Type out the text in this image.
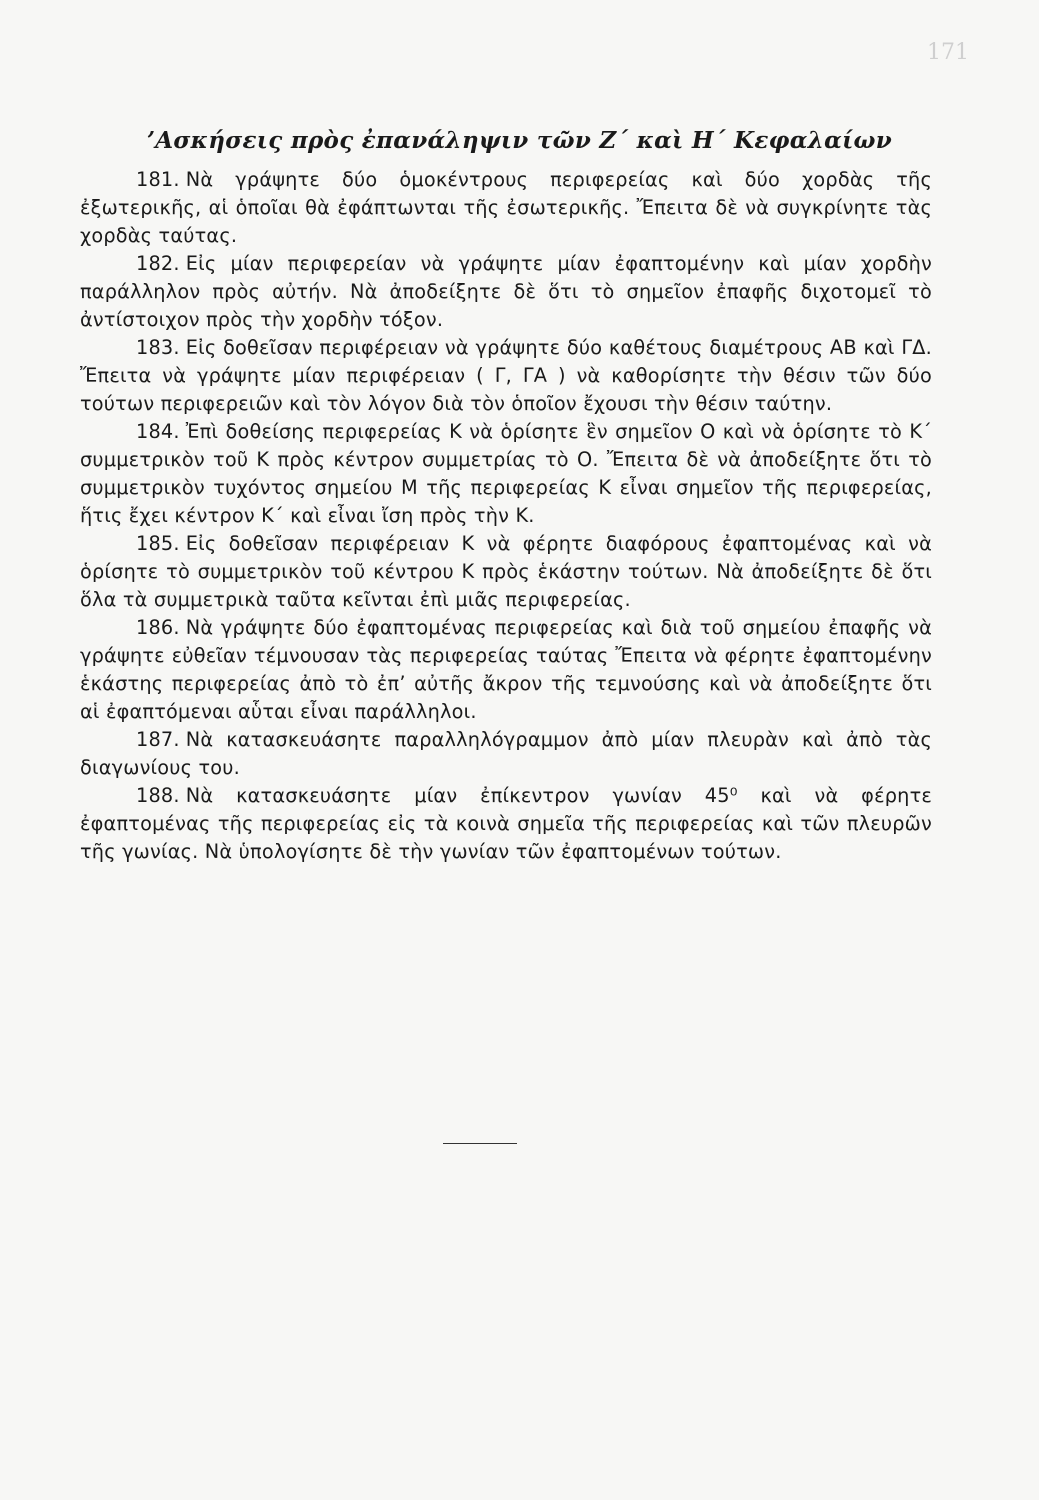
171
’Ασκήσεις πρὸς ἐπανάληψιν τῶν Ζ΄ καὶ Η΄ Κεφαλαίων

181. Νὰ γράψητε δύο ὁμοκέντρους περιφερείας καὶ δύο χορδὰς τῆς ἐξωτερικῆς, αἱ ὁποῖαι θὰ ἐφάπτωνται τῆς ἐσωτερικῆς. Ἔπειτα δὲ νὰ συγκρίνητε τὰς χορδὰς ταύτας.

182. Εἰς μίαν περιφερείαν νὰ γράψητε μίαν ἐφαπτομένην καὶ μίαν χορδὴν παράλληλον πρὸς αὐτήν. Νὰ ἀποδείξητε δὲ ὅτι τὸ σημεῖον ἐπαφῆς διχοτομεῖ τὸ ἀντίστοιχον πρὸς τὴν χορδὴν τόξον.

183. Εἰς δοθεῖσαν περιφέρειαν νὰ γράψητε δύο καθέτους διαμέτρους ΑΒ καὶ ΓΔ. Ἔπειτα νὰ γράψητε μίαν περιφέρειαν ( Γ, ΓΑ ) νὰ καθορίσητε τὴν θέσιν τῶν δύο τούτων περιφερειῶν καὶ τὸν λόγον διὰ τὸν ὁποῖον ἔχουσι τὴν θέσιν ταύτην.

184. Ἐπὶ δοθείσης περιφερείας Κ νὰ ὁρίσητε ἓν σημεῖον Ο καὶ νὰ ὁρίσητε τὸ Κ΄ συμμετρικὸν τοῦ Κ πρὸς κέντρον συμμετρίας τὸ Ο. Ἔπειτα δὲ νὰ ἀποδείξητε ὅτι τὸ συμμετρικὸν τυχόντος σημείου Μ τῆς περιφερείας Κ εἶναι σημεῖον τῆς περιφερείας, ἥτις ἔχει κέντρον Κ΄ καὶ εἶναι ἴση πρὸς τὴν Κ.

185. Εἰς δοθεῖσαν περιφέρειαν Κ νὰ φέρητε διαφόρους ἐφαπτομένας καὶ νὰ ὁρίσητε τὸ συμμετρικὸν τοῦ κέντρου Κ πρὸς ἑκάστην τούτων. Νὰ ἀποδείξητε δὲ ὅτι ὅλα τὰ συμμετρικὰ ταῦτα κεῖνται ἐπὶ μιᾶς περιφερείας.

186. Νὰ γράψητε δύο ἐφαπτομένας περιφερείας καὶ διὰ τοῦ σημείου ἐπαφῆς νὰ γράψητε εὐθεῖαν τέμνουσαν τὰς περιφερείας ταύτας Ἔπειτα νὰ φέρητε ἐφαπτομένην ἑκάστης περιφερείας ἀπὸ τὸ ἐπ’ αὐτῆς ἄκρον τῆς τεμνούσης καὶ νὰ ἀποδείξητε ὅτι αἱ ἐφαπτόμεναι αὗται εἶναι παράλληλοι.

187. Νὰ κατασκευάσητε παραλληλόγραμμον ἀπὸ μίαν πλευρὰν καὶ ἀπὸ τὰς διαγωνίους του.

188. Νὰ κατασκευάσητε μίαν ἐπίκεντρον γωνίαν 45⁰ καὶ νὰ φέρητε ἐφαπτομένας τῆς περιφερείας εἰς τὰ κοινὰ σημεῖα τῆς περιφερείας καὶ τῶν πλευρῶν τῆς γωνίας. Νὰ ὑπολογίσητε δὲ τὴν γωνίαν τῶν ἐφαπτομένων τούτων.
